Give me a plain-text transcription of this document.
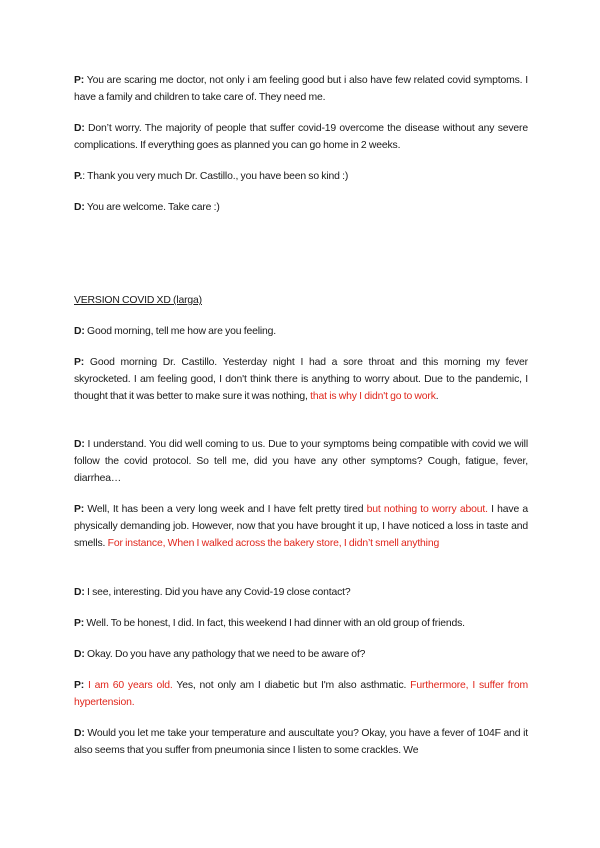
P: You are scaring me doctor, not only i am feeling good but i also have few related covid symptoms. I have a family and children to take care of. They need me.

D: Don’t worry. The majority of people that suffer covid-19 overcome the disease without any severe complications. If everything goes as planned you can go home in 2 weeks.

P.: Thank you very much Dr. Castillo., you have been so kind :)

D: You are welcome. Take care :)

VERSION COVID XD (larga)

D: Good morning, tell me how are you feeling.

P: Good morning Dr. Castillo. Yesterday night I had a sore throat and this morning my fever skyrocketed. I am feeling good, I don't think there is anything to worry about. Due to the pandemic, I thought that it was better to make sure it was nothing, that is why I didn't go to work.

D: I understand. You did well coming to us. Due to your symptoms being compatible with covid we will follow the covid protocol. So tell me, did you have any other symptoms? Cough, fatigue, fever, diarrhea…

P: Well, It has been a very long week and I have felt pretty tired but nothing to worry about. I have a physically demanding job. However, now that you have brought it up, I have noticed a loss in taste and smells. For instance, When I walked across the bakery store, I didn’t smell anything

D: I see, interesting. Did you have any Covid-19 close contact?

P: Well. To be honest, I did. In fact, this weekend I had dinner with an old group of friends.

D: Okay. Do you have any pathology that we need to be aware of?

P: I am 60 years old. Yes, not only am I diabetic but I'm also asthmatic. Furthermore, I suffer from hypertension.

D: Would you let me take your temperature and auscultate you? Okay, you have a fever of 104F and it also seems that you suffer from pneumonia since I listen to some crackles. We
